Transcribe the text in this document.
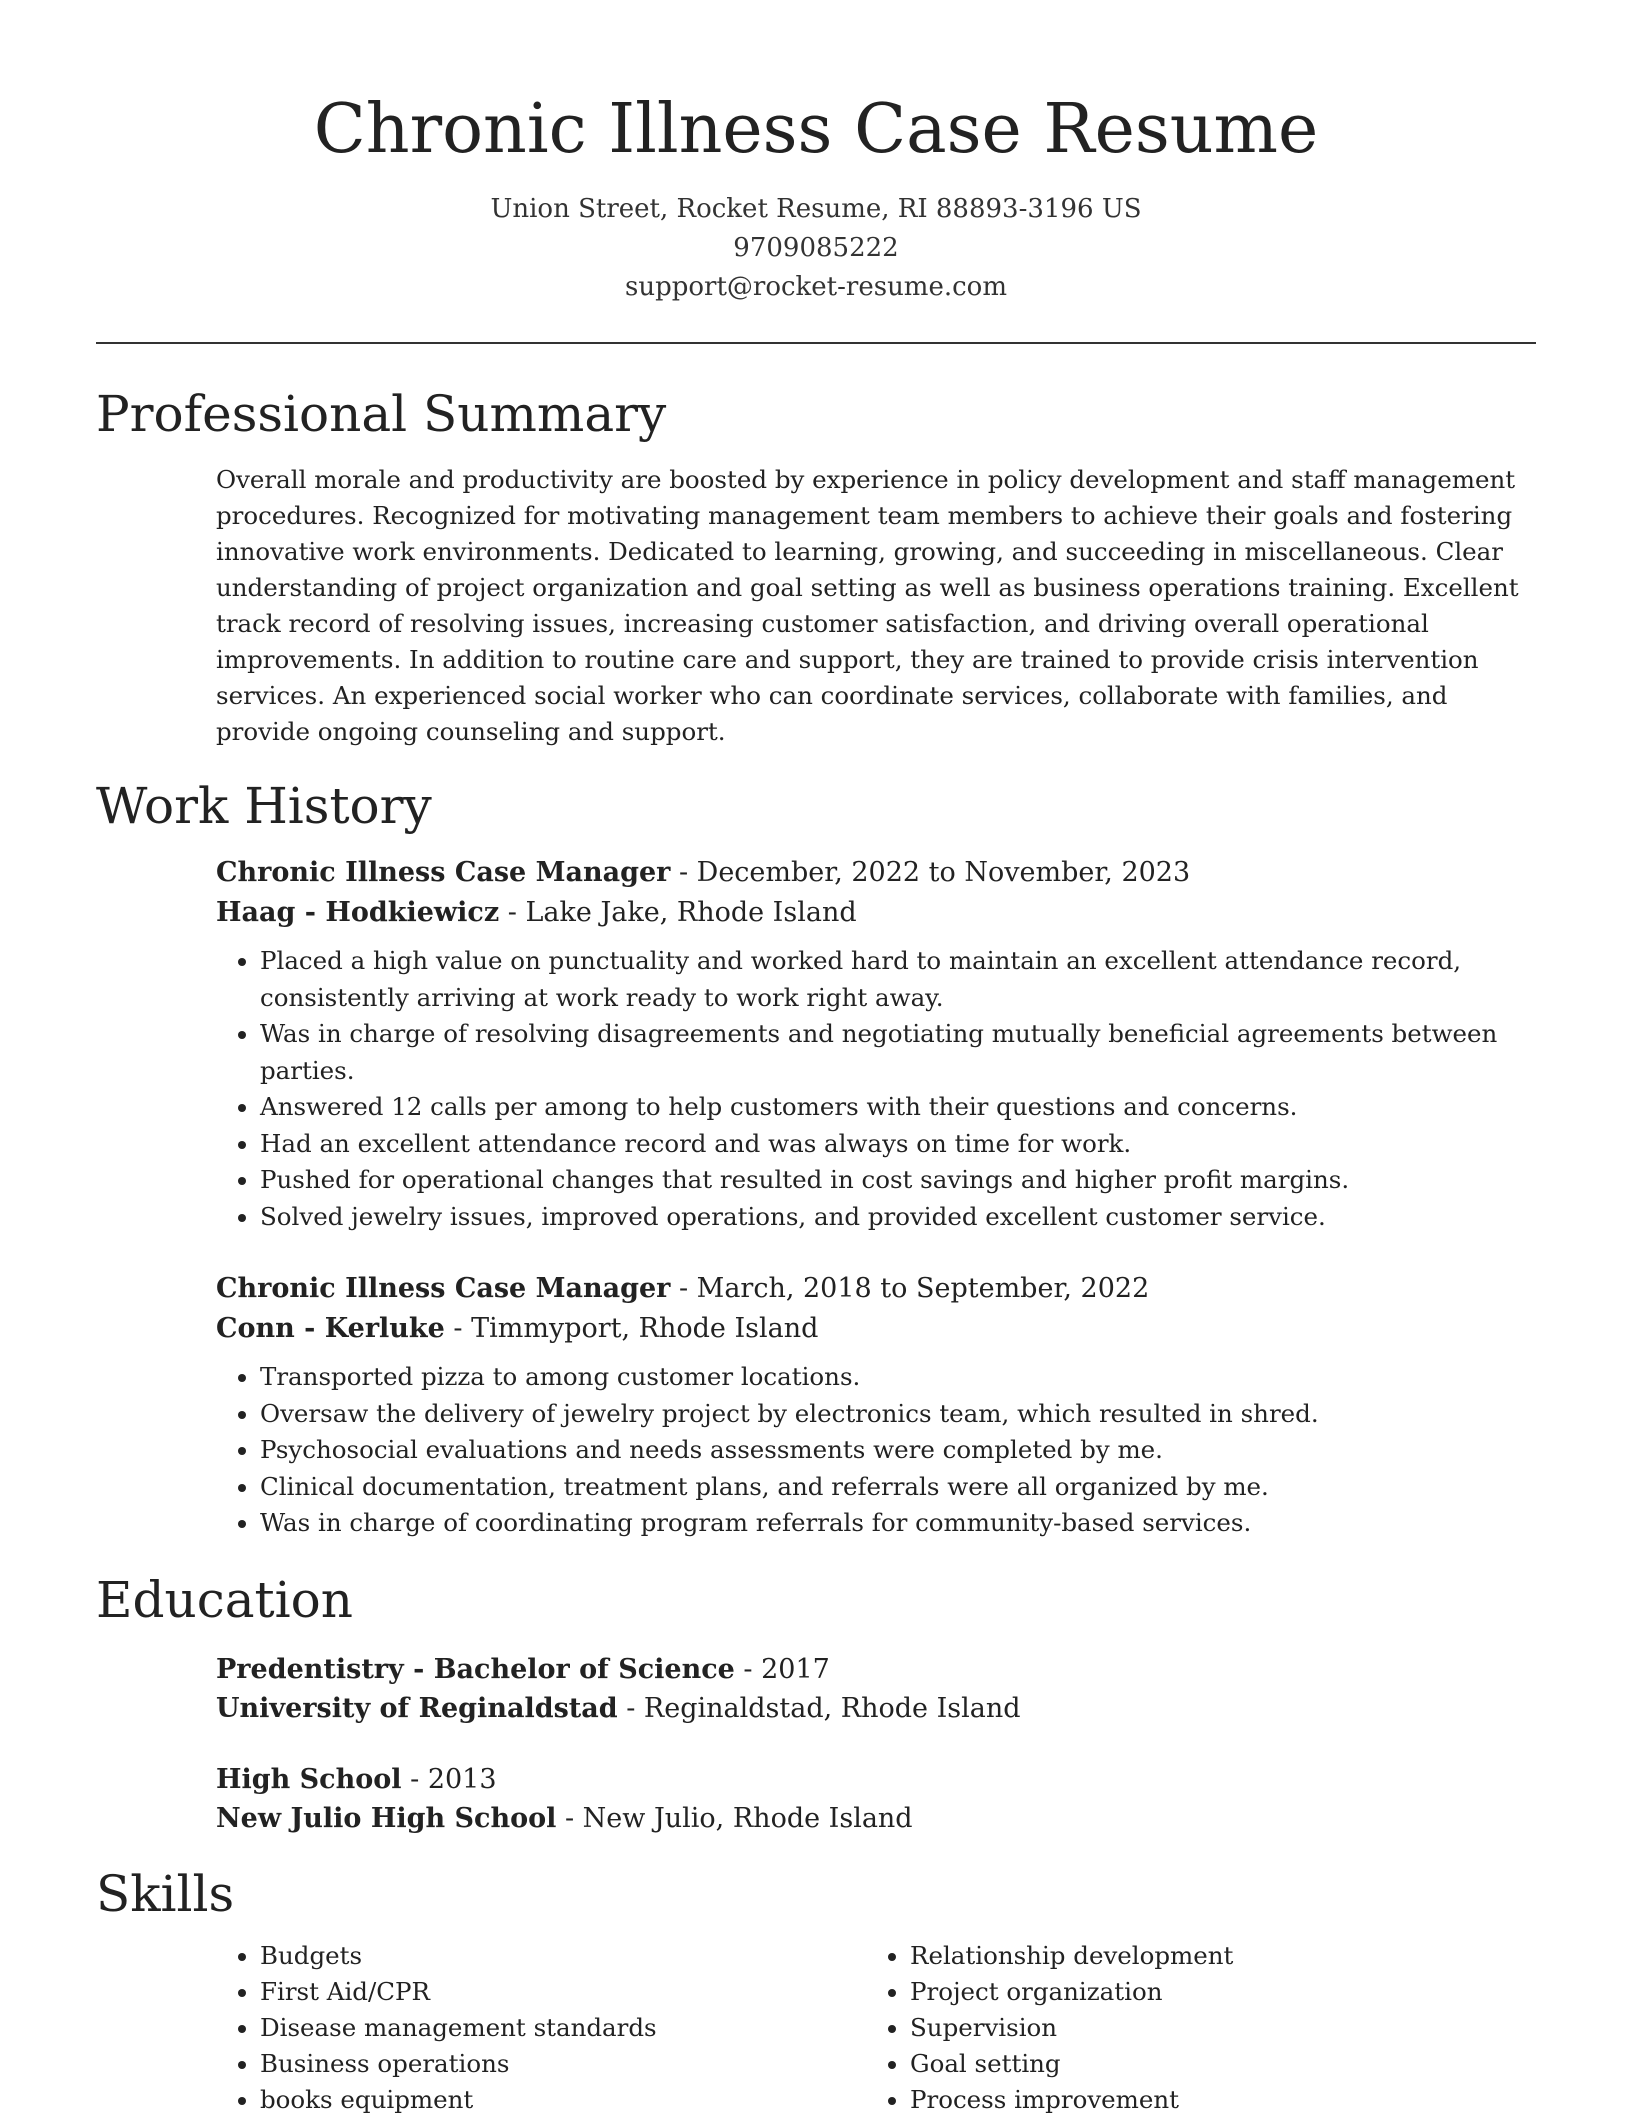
Chronic Illness Case Resume

Union Street, Rocket Resume, RI 88893-3196 US

9709085222

support@rocket-resume.com

Professional Summary

Overall morale and productivity are boosted by experience in policy development and staff management procedures. Recognized for motivating management team members to achieve their goals and fostering innovative work environments. Dedicated to learning, growing, and succeeding in miscellaneous. Clear understanding of project organization and goal setting as well as business operations training. Excellent track record of resolving issues, increasing customer satisfaction, and driving overall operational improvements. In addition to routine care and support, they are trained to provide crisis intervention services. An experienced social worker who can coordinate services, collaborate with families, and provide ongoing counseling and support.

Work History

Chronic Illness Case Manager - December, 2022 to November, 2023

Haag - Hodkiewicz - Lake Jake, Rhode Island

• Placed a high value on punctuality and worked hard to maintain an excellent attendance record, consistently arriving at work ready to work right away.
• Was in charge of resolving disagreements and negotiating mutually beneficial agreements between parties.
• Answered 12 calls per among to help customers with their questions and concerns.
• Had an excellent attendance record and was always on time for work.
• Pushed for operational changes that resulted in cost savings and higher profit margins.
• Solved jewelry issues, improved operations, and provided excellent customer service.

Chronic Illness Case Manager - March, 2018 to September, 2022

Conn - Kerluke - Timmyport, Rhode Island

• Transported pizza to among customer locations.
• Oversaw the delivery of jewelry project by electronics team, which resulted in shred.
• Psychosocial evaluations and needs assessments were completed by me.
• Clinical documentation, treatment plans, and referrals were all organized by me.
• Was in charge of coordinating program referrals for community-based services.
Education

Predentistry - Bachelor of Science - 2017

University of Reginaldstad - Reginaldstad, Rhode Island

High School - 2013

New Julio High School - New Julio, Rhode Island

Skills
• Budgets
• First Aid/CPR
• Disease management standards
• Business operations
• books equipment
• Relationship development
• Project organization
• Supervision
• Goal setting
• Process improvement
